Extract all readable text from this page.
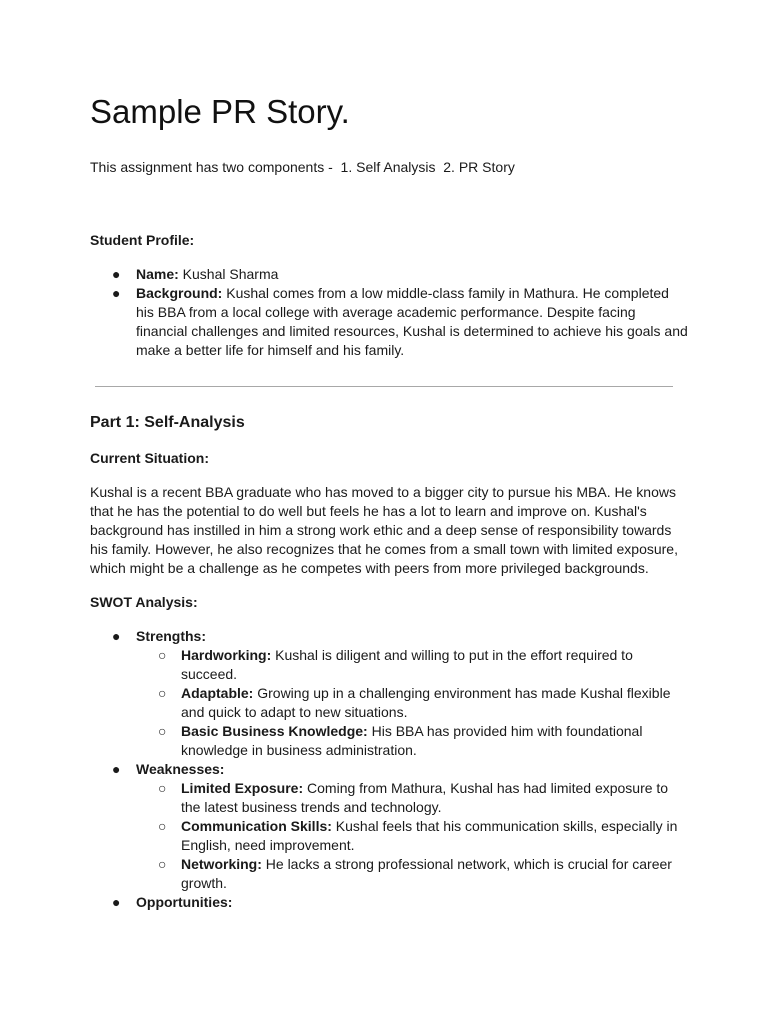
Sample PR Story.

This assignment has two components -  1. Self Analysis  2. PR Story

Student Profile:

● Name: Kushal Sharma
● Background: Kushal comes from a low middle-class family in Mathura. He completed his BBA from a local college with average academic performance. Despite facing financial challenges and limited resources, Kushal is determined to achieve his goals and make a better life for himself and his family.
Part 1: Self-Analysis

Current Situation:

Kushal is a recent BBA graduate who has moved to a bigger city to pursue his MBA. He knows that he has the potential to do well but feels he has a lot to learn and improve on. Kushal's background has instilled in him a strong work ethic and a deep sense of responsibility towards his family. However, he also recognizes that he comes from a small town with limited exposure, which might be a challenge as he competes with peers from more privileged backgrounds.

SWOT Analysis:

● Strengths:
○ Hardworking: Kushal is diligent and willing to put in the effort required to succeed.
○ Adaptable: Growing up in a challenging environment has made Kushal flexible and quick to adapt to new situations.
○ Basic Business Knowledge: His BBA has provided him with foundational knowledge in business administration.
● Weaknesses:
○ Limited Exposure: Coming from Mathura, Kushal has had limited exposure to the latest business trends and technology.
○ Communication Skills: Kushal feels that his communication skills, especially in English, need improvement.
○ Networking: He lacks a strong professional network, which is crucial for career growth.
● Opportunities:
